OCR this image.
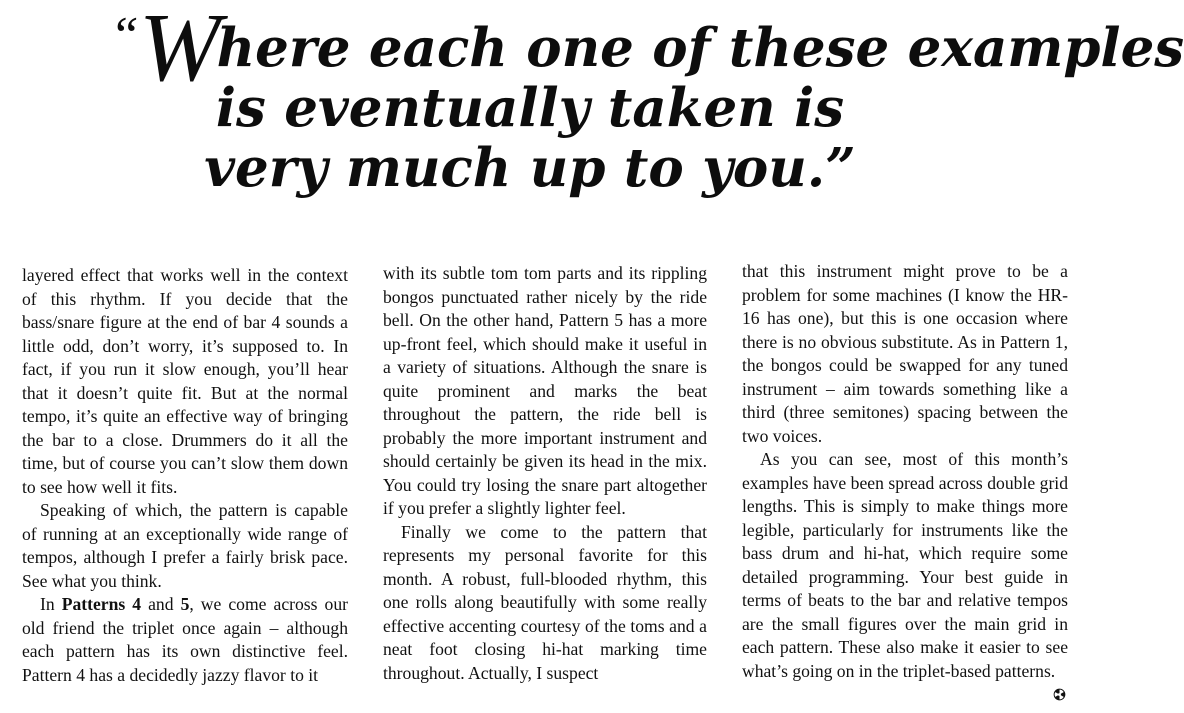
“Where each one of these examples
is eventually taken is
very much up to you.”

layered effect that works well in the context of this rhythm. If you decide that the bass/snare figure at the end of bar 4 sounds a little odd, don’t worry, it’s supposed to. In fact, if you run it slow enough, you’ll hear that it doesn’t quite fit. But at the normal tempo, it’s quite an effective way of bringing the bar to a close. Drummers do it all the time, but of course you can’t slow them down to see how well it fits.

Speaking of which, the pattern is capable of running at an exceptionally wide range of tempos, although I prefer a fairly brisk pace. See what you think.

In Patterns 4 and 5, we come across our old friend the triplet once again – although each pattern has its own distinctive feel. Pattern 4 has a decidedly jazzy flavor to it

with its subtle tom tom parts and its rippling bongos punctuated rather nicely by the ride bell. On the other hand, Pattern 5 has a more up-front feel, which should make it useful in a variety of situations. Although the snare is quite prominent and marks the beat throughout the pattern, the ride bell is probably the more important instrument and should certainly be given its head in the mix. You could try losing the snare part altogether if you prefer a slightly lighter feel.

Finally we come to the pattern that represents my personal favorite for this month. A robust, full-blooded rhythm, this one rolls along beautifully with some really effective accenting courtesy of the toms and a neat foot closing hi-hat marking time throughout. Actually, I suspect

that this instrument might prove to be a problem for some machines (I know the HR-16 has one), but this is one occasion where there is no obvious substitute. As in Pattern 1, the bongos could be swapped for any tuned instrument – aim towards something like a third (three semitones) spacing between the two voices.

As you can see, most of this month’s examples have been spread across double grid lengths. This is simply to make things more legible, particularly for instruments like the bass drum and hi-hat, which require some detailed programming. Your best guide in terms of beats to the bar and relative tempos are the small figures over the main grid in each pattern. These also make it easier to see what’s going on in the triplet-based patterns.
